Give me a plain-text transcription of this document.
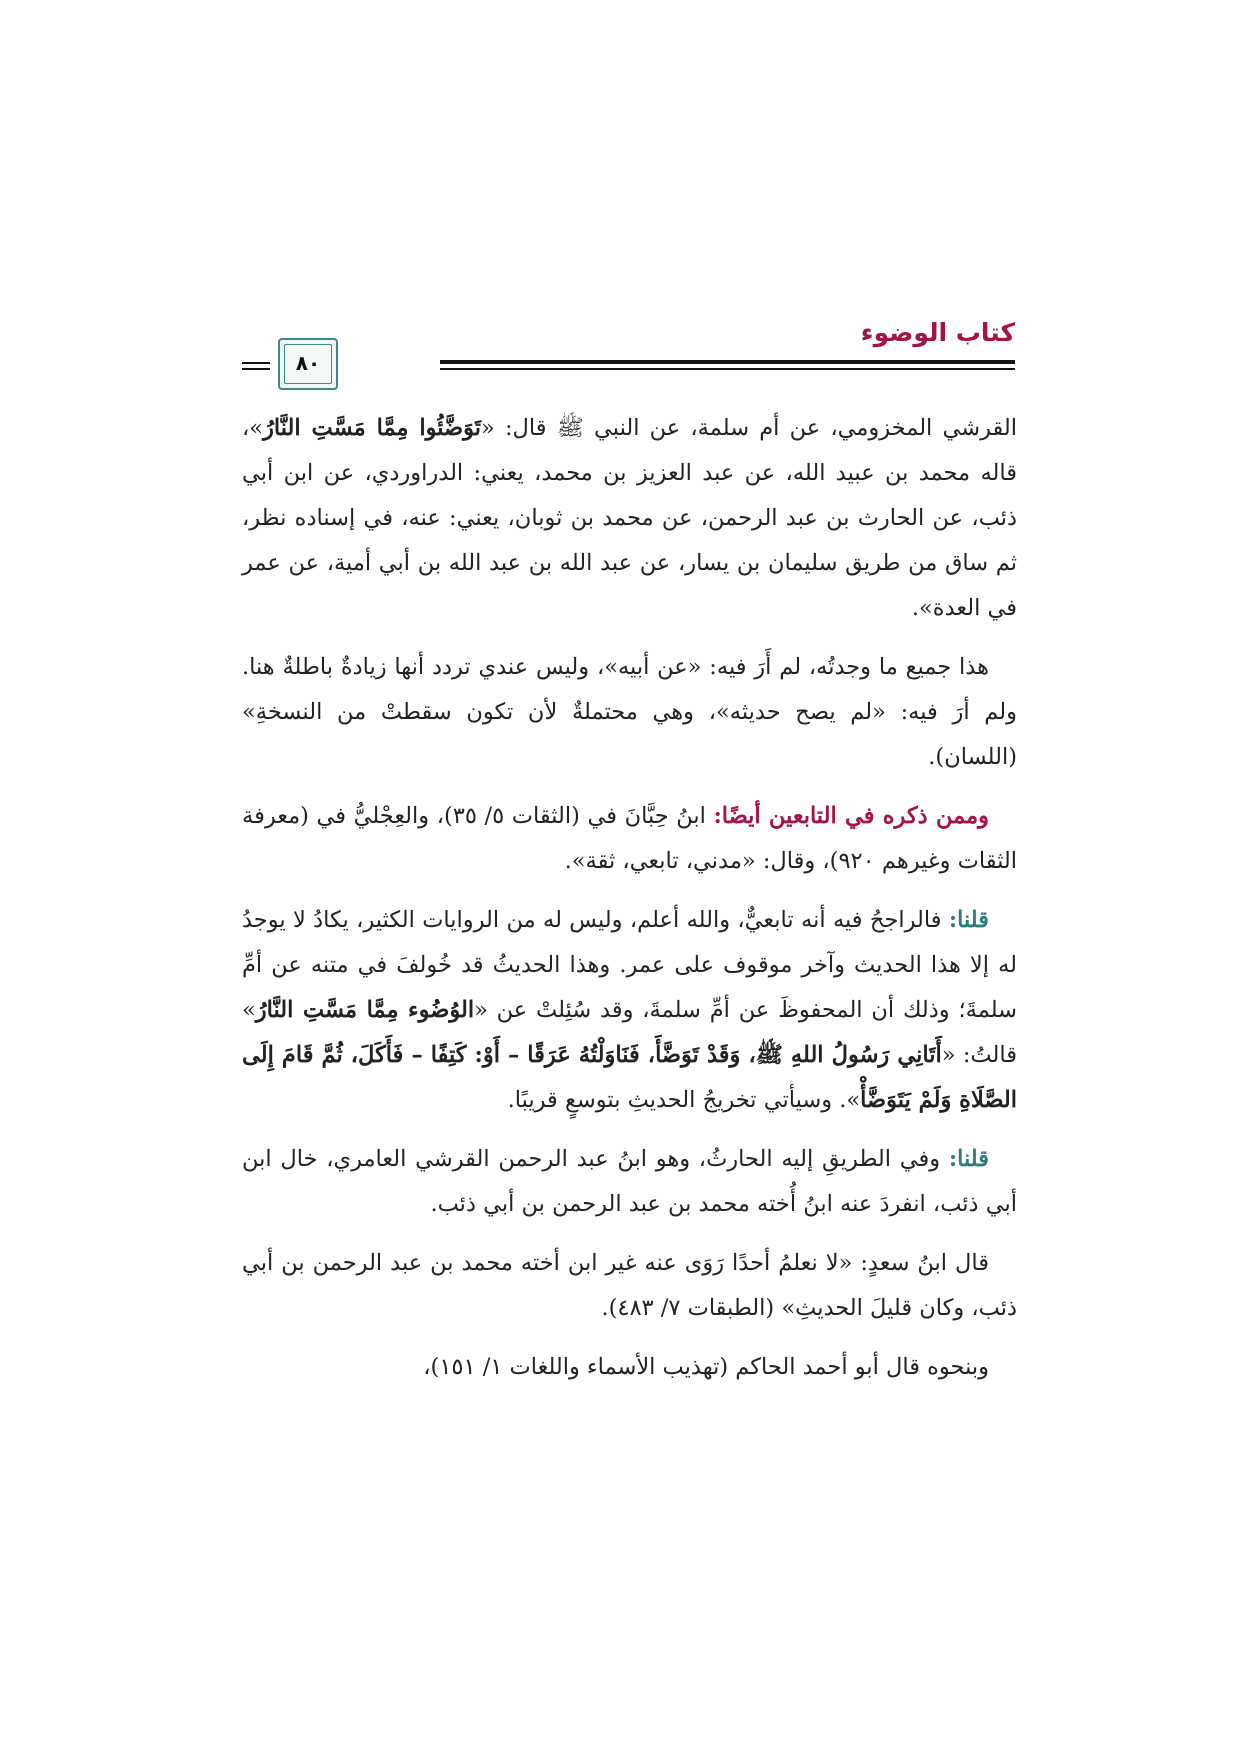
كتاب الوضوء
٨٠

القرشي المخزومي، عن أم سلمة، عن النبي ﷺ قال: «تَوَضَّئُوا مِمَّا مَسَّتِ النَّارُ»، قاله محمد بن عبيد الله، عن عبد العزيز بن محمد، يعني: الدراوردي، عن ابن أبي ذئب، عن الحارث بن عبد الرحمن، عن محمد بن ثوبان، يعني: عنه، في إسناده نظر، ثم ساق من طريق سليمان بن يسار، عن عبد الله بن عبد الله بن أبي أمية، عن عمر في العدة».

هذا جميع ما وجدتُه، لم أَرَ فيه: «عن أبيه»، وليس عندي تردد أنها زيادةٌ باطلةٌ هنا. ولم أرَ فيه: «لم يصح حديثه»، وهي محتملةٌ لأن تكون سقطتْ من النسخةِ» (اللسان).

وممن ذكره في التابعين أيضًا: ابنُ حِبَّانَ في (الثقات ٥/ ٣٥)، والعِجْليُّ في (معرفة الثقات وغيرهم ٩٢٠)، وقال: «مدني، تابعي، ثقة».

قلنا: فالراجحُ فيه أنه تابعيٌّ، والله أعلم، وليس له من الروايات الكثير، يكادُ لا يوجدُ له إلا هذا الحديث وآخر موقوف على عمر. وهذا الحديثُ قد خُولفَ في متنه عن أمِّ سلمةَ؛ وذلك أن المحفوظَ عن أمِّ سلمةَ، وقد سُئِلتْ عن «الوُضُوء مِمَّا مَسَّتِ النَّارُ» قالتُ: «أَتَانِي رَسُولُ اللهِ ﷺ، وَقَدْ تَوَضَّأَ، فَنَاوَلْتُهُ عَرَقًا – أَوْ: كَتِفًا – فَأَكَلَ، ثُمَّ قَامَ إِلَى الصَّلَاةِ وَلَمْ يَتَوَضَّأْ». وسيأتي تخريجُ الحديثِ بتوسعٍ قريبًا.

قلنا: وفي الطريقِ إليه الحارثُ، وهو ابنُ عبد الرحمن القرشي العامري، خال ابن أبي ذئب، انفردَ عنه ابنُ أُخته محمد بن عبد الرحمن بن أبي ذئب.

قال ابنُ سعدٍ: «لا نعلمُ أحدًا رَوَى عنه غير ابن أخته محمد بن عبد الرحمن بن أبي ذئب، وكان قليلَ الحديثِ» (الطبقات ٧/ ٤٨٣).

وبنحوه قال أبو أحمد الحاكم (تهذيب الأسماء واللغات ١/ ١٥١)،
